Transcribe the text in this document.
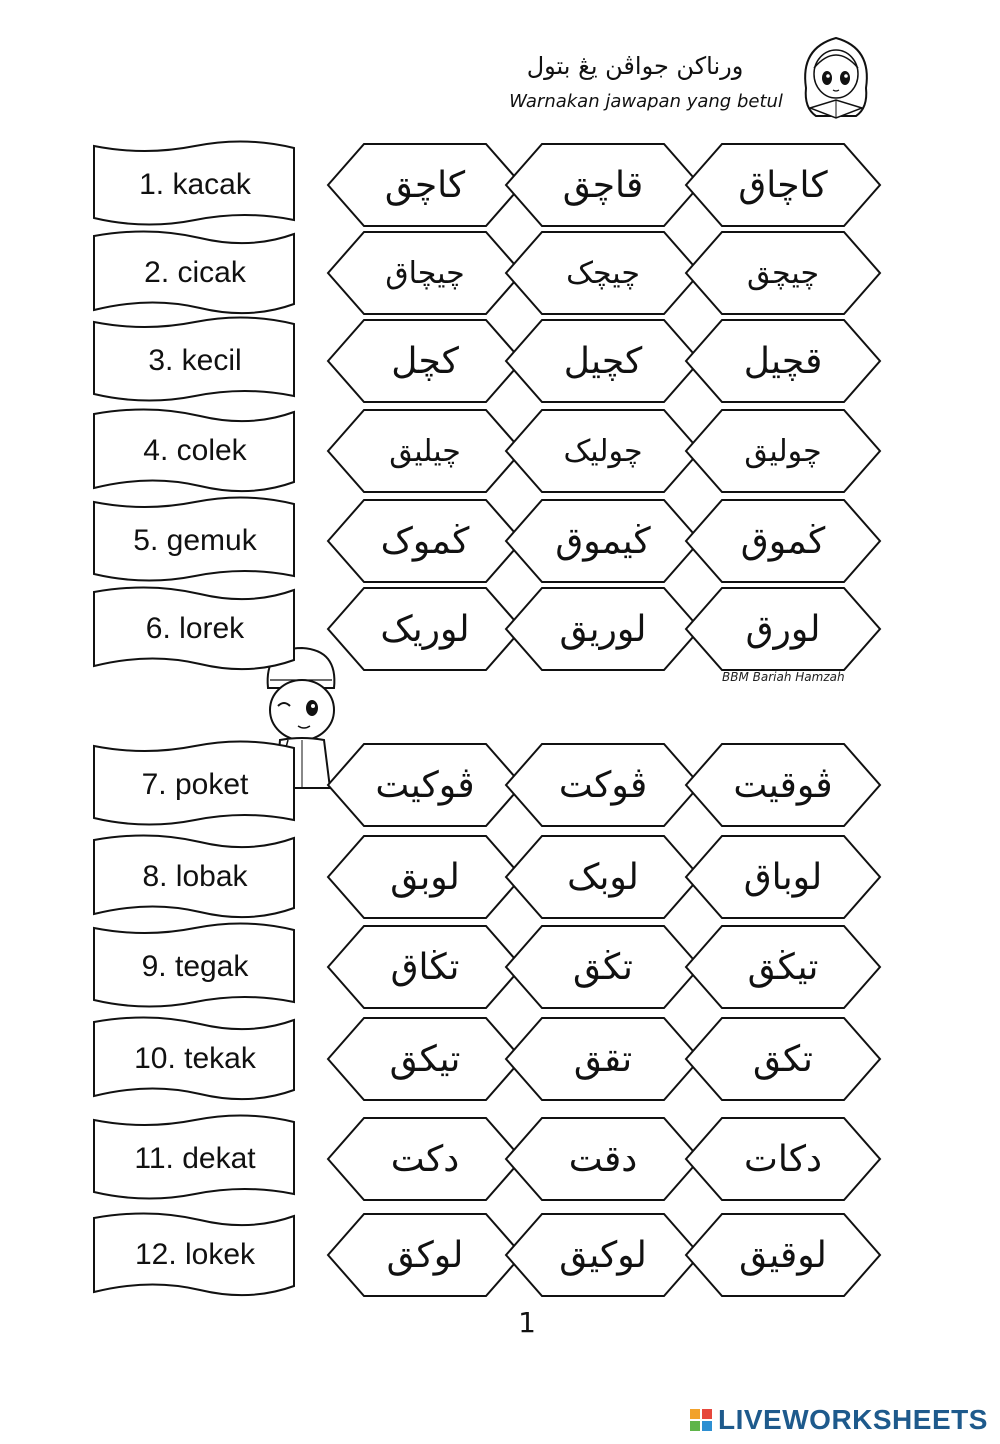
ورناكن جواڤن يڠ بتول
Warnakan jawapan yang betul
BBM Bariah Hamzah
1. kacak	كاچق	قاچق	كاچاق
2. cicak	چيچاق	چيچک	چيچق
3. kecil	کچل	کچيل	قچيل
4. colek	چيليق	چوليک	چوليق
5. gemuk	ڬموک	ڬيموق	ڬموق
6. lorek	لوريک	لوريق	لورق
7. poket	ڤوکيت	ڤوکت	ڤوقيت
8. lobak	لوبق	لوبک	لوباق
9. tegak	تڬاق	تڬق	تيڬق
10. tekak	تيکق	تقق	تکق
11. dekat	دکت	دقت	دکات
12. lokek	لوکق	لوکيق	لوقيق
1
LIVEWORKSHEETS
